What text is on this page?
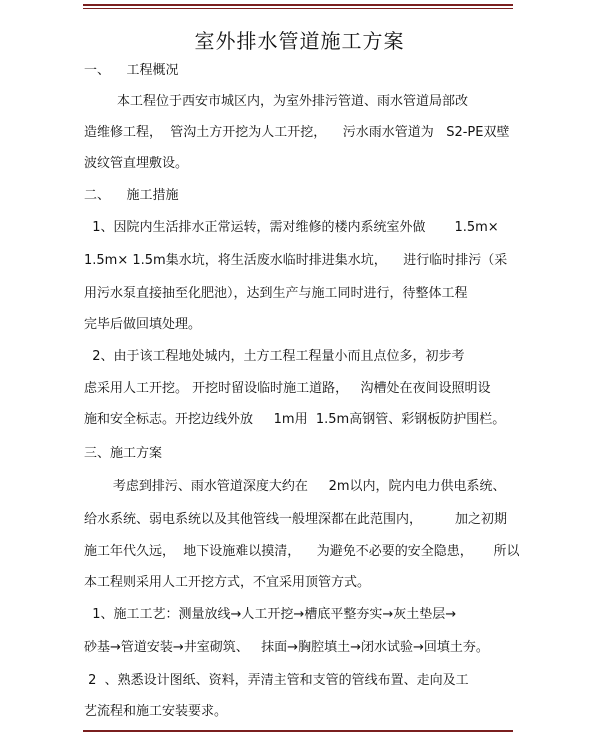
室外排水管道施工方案
一、    工程概况
本工程位于西安市城区内，为室外排污管道、雨水管道局部改
造维修工程，  管沟土方开挖为人工开挖，    污水雨水管道为   S2-PE双壁
波纹管直埋敷设。
二、    施工措施
1、因院内生活排水正常运转，需对维修的楼内系统室外做       1.5m×
1.5m× 1.5m集水坑，将生活废水临时排进集水坑，    进行临时排污（采
用污水泵直接抽至化肥池），达到生产与施工同时进行，待整体工程
完毕后做回填处理。
2、由于该工程地处城内，土方工程工程量小而且点位多，初步考
虑采用人工开挖。 开挖时留设临时施工道路，   沟槽处在夜间设照明设
施和安全标志。开挖边线外放     1m用  1.5m高钢管、彩钢板防护围栏。
三、施工方案
考虑到排污、雨水管道深度大约在     2m以内，院内电力供电系统、
给水系统、弱电系统以及其他管线一般埋深都在此范围内，        加之初期
施工年代久远，  地下设施难以摸清，    为避免不必要的安全隐患，     所以
本工程则采用人工开挖方式，不宜采用顶管方式。
1、施工工艺：测量放线→人工开挖→槽底平整夯实→灰土垫层→
砂基→管道安装→井室砌筑、   抹面→胸腔填土→闭水试验→回填土夯。
2  、熟悉设计图纸、资料，弄清主管和支管的管线布置、走向及工
艺流程和施工安装要求。
